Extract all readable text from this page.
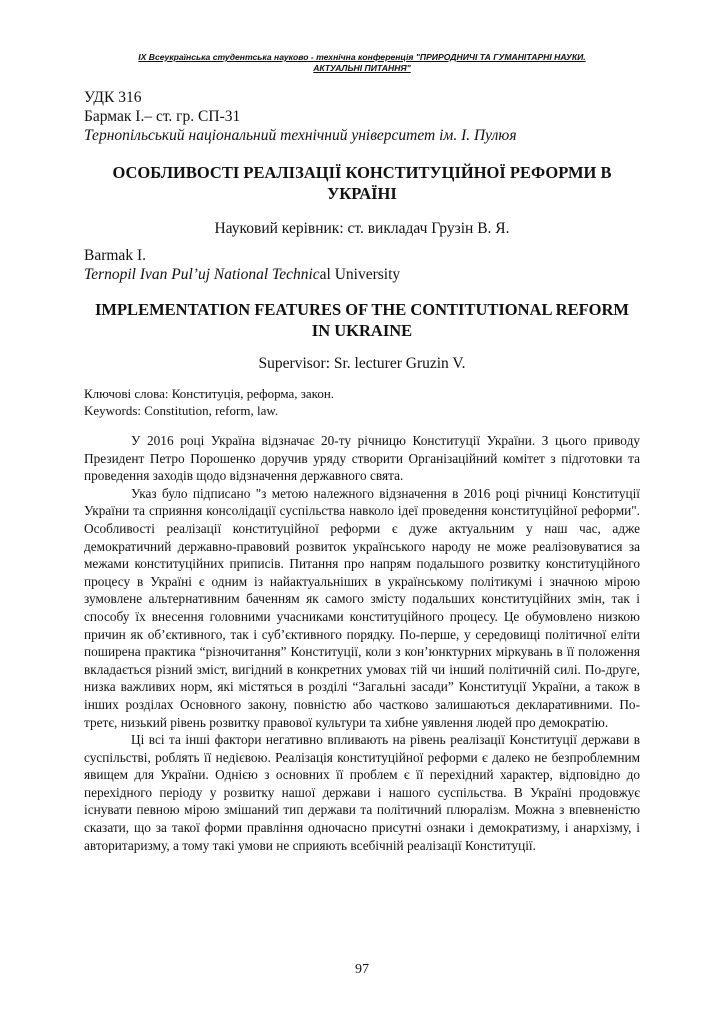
IX Всеукраїнська студентська науково - технічна конференція "ПРИРОДНИЧІ ТА ГУМАНІТАРНІ НАУКИ.
АКТУАЛЬНІ ПИТАННЯ"
УДК 316
Бармак І.– ст. гр. СП-31
Тернопільський національний технічний університет ім. І. Пулюя
ОСОБЛИВОСТІ РЕАЛІЗАЦІЇ КОНСТИТУЦІЙНОЇ РЕФОРМИ В УКРАЇНІ
Науковий керівник: ст. викладач Грузін В. Я.
Barmak I.
Ternopil Ivan Pul’uj National Technical University
IMPLEMENTATION FEATURES OF THE CONTITUTIONAL REFORM IN UKRAINE
Supervisor: Sr. lecturer Gruzin V.
Ключові слова: Конституція, реформа, закон.
Keywords: Constitution, reform, law.

У 2016 році Україна відзначає 20-ту річницю Конституції України. З цього приводу Президент Петро Порошенко доручив уряду створити Організаційний комітет з підготовки та проведення заходів щодо відзначення державного свята.

Указ було підписано "з метою належного відзначення в 2016 році річниці Конституції України та сприяння консолідації суспільства навколо ідеї проведення конституційної реформи". Особливості реалізації конституційної реформи є дуже актуальним у наш час, адже демократичний державно-правовий розвиток українського народу не може реалізовуватися за межами конституційних приписів. Питання про напрям подальшого розвитку конституційного процесу в Україні є одним із найактуальніших в українському політикумі і значною мірою зумовлене альтернативним баченням як самого змісту подальших конституційних змін, так і способу їх внесення головними учасниками конституційного процесу. Це обумовлено низкою причин як об’єктивного, так і суб’єктивного порядку. По-перше, у середовищі політичної еліти поширена практика “різночитання” Конституції, коли з кон’юнктурних міркувань в її положення вкладається різний зміст, вигідний в конкретних умовах тій чи інший політичній силі. По-друге, низка важливих норм, які містяться в розділі “Загальні засади” Конституції України, а також в інших розділах Основного закону, повністю або частково залишаються декларативними. По-третє, низький рівень розвитку правової культури та хибне уявлення людей про демократію.

Ці всі та інші фактори негативно впливають на рівень реалізації Конституції держави в суспільстві, роблять її недієвою. Реалізація конституційної реформи є далеко не безпроблемним явищем для України. Однією з основних її проблем є її перехідний характер, відповідно до перехідного періоду у розвитку нашої держави і нашого суспільства. В Україні продовжує існувати певною мірою змішаний тип держави та політичний плюралізм. Можна з впевненістю сказати, що за такої форми правління одночасно присутні ознаки і демократизму, і анархізму, і авторитаризму, а тому такі умови не сприяють всебічній реалізації Конституції.

97
